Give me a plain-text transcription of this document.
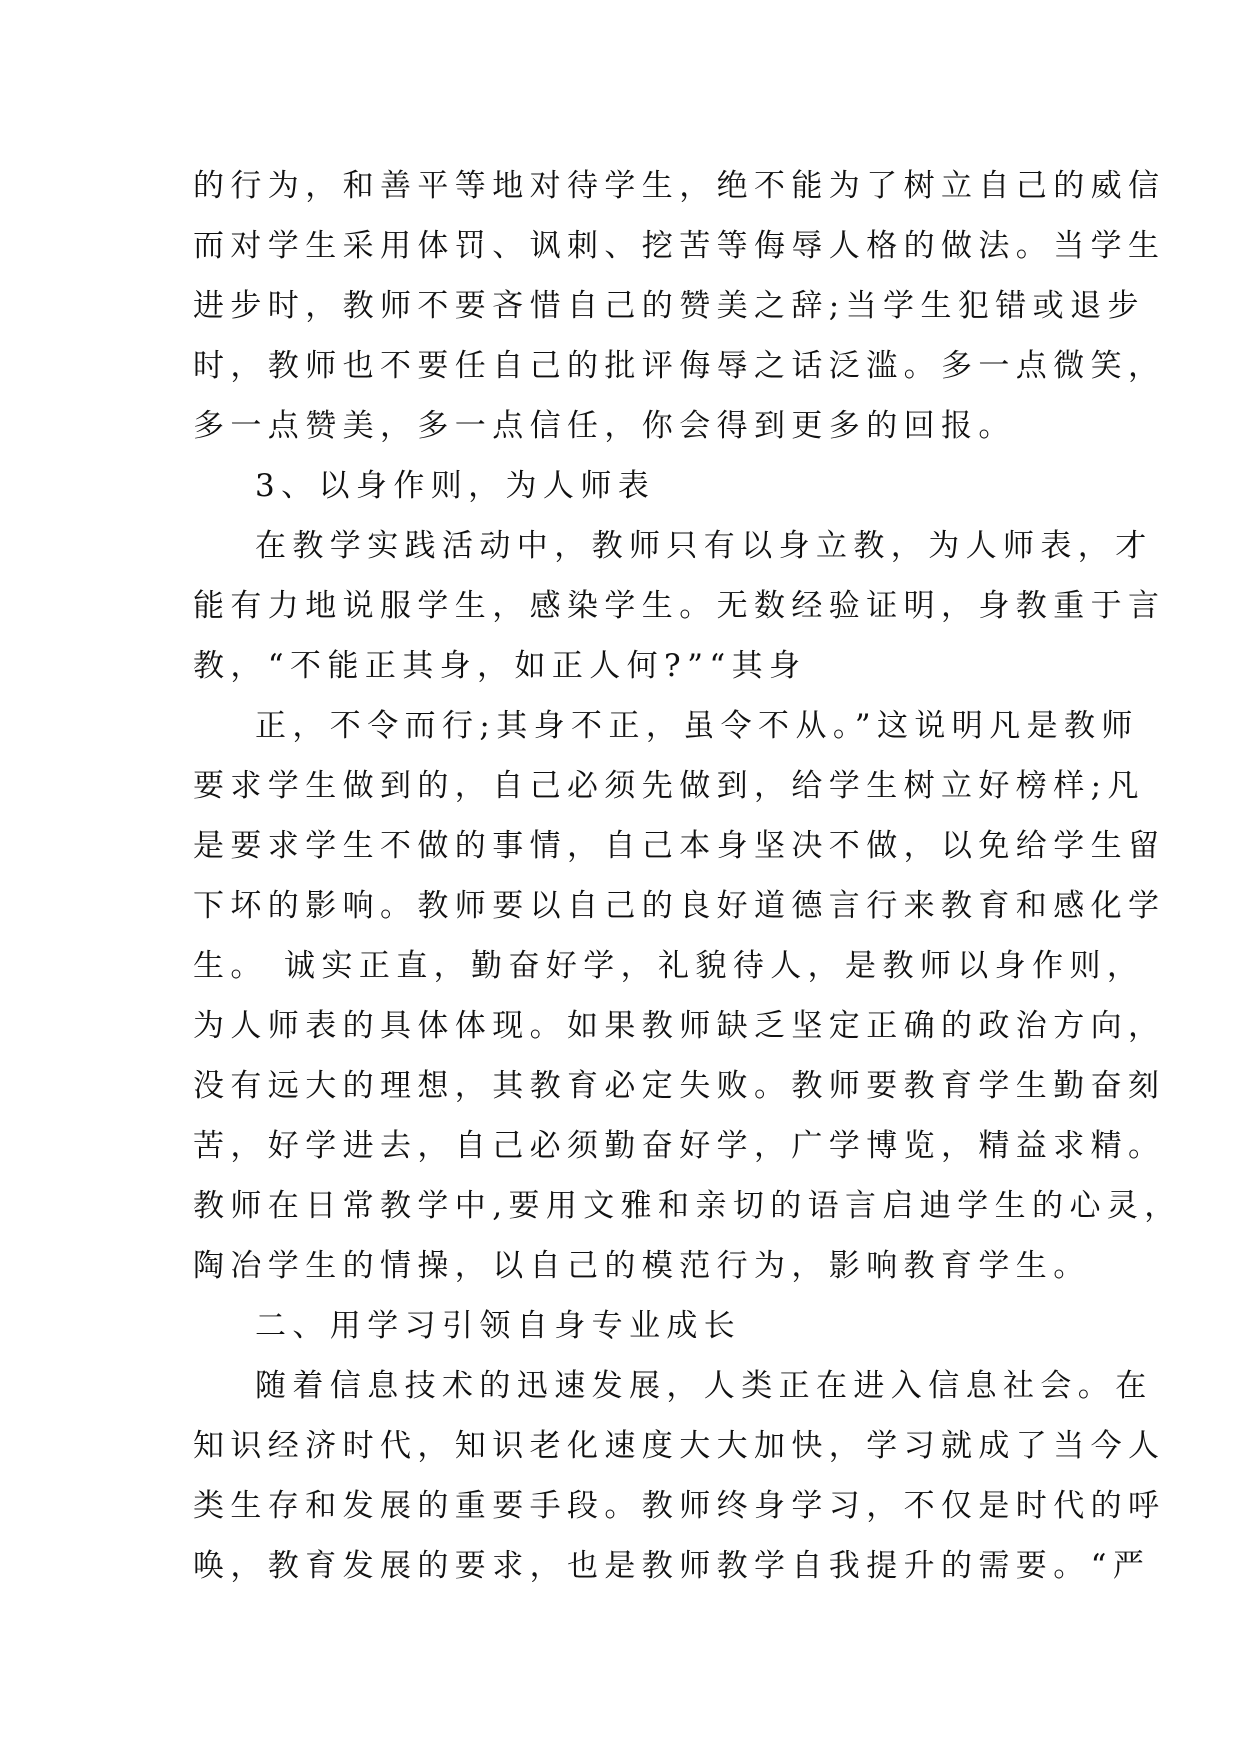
的行为，和善平等地对待学生，绝不能为了树立自己的威信
而对学生采用体罚、讽刺、挖苦等侮辱人格的做法。当学生
进步时，教师不要吝惜自己的赞美之辞;当学生犯错或退步
时，教师也不要任自己的批评侮辱之话泛滥。多一点微笑，
多一点赞美，多一点信任，你会得到更多的回报。
3、以身作则，为人师表
在教学实践活动中，教师只有以身立教，为人师表，才
能有力地说服学生，感染学生。无数经验证明，身教重于言
教，“不能正其身，如正人何?”“其身
正，不令而行;其身不正，虽令不从。”这说明凡是教师
要求学生做到的，自己必须先做到，给学生树立好榜样;凡
是要求学生不做的事情，自己本身坚决不做，以免给学生留
下坏的影响。教师要以自己的良好道德言行来教育和感化学
生。 诚实正直，勤奋好学，礼貌待人，是教师以身作则，
为人师表的具体体现。如果教师缺乏坚定正确的政治方向，
没有远大的理想，其教育必定失败。教师要教育学生勤奋刻
苦，好学进去，自己必须勤奋好学，广学博览，精益求精。
教师在日常教学中,要用文雅和亲切的语言启迪学生的心灵，
陶冶学生的情操，以自己的模范行为，影响教育学生。
二、用学习引领自身专业成长
随着信息技术的迅速发展，人类正在进入信息社会。在
知识经济时代，知识老化速度大大加快，学习就成了当今人
类生存和发展的重要手段。教师终身学习，不仅是时代的呼
唤，教育发展的要求，也是教师教学自我提升的需要。“严
